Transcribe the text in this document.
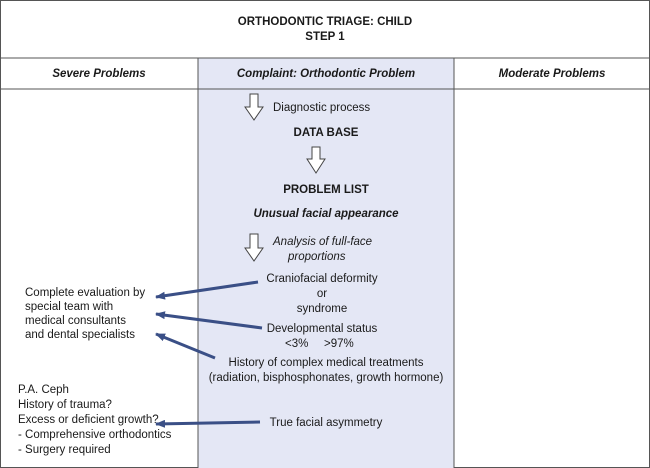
ORTHODONTIC TRIAGE: CHILD
STEP 1
Severe Problems	Complaint: Orthodontic Problem	Moderate Problems
Diagnostic process
DATA BASE
PROBLEM LIST
Unusual facial appearance
Analysis of full-face
proportions
Craniofacial deformity
or
syndrome
Developmental status
<3% >97%
History of complex medical treatments
(radiation, bisphosphonates, growth hormone)
True facial asymmetry
Complete evaluation by
special team with
medical consultants
and dental specialists
P.A. Ceph
History of trauma?
Excess or deficient growth?
- Comprehensive orthodontics
- Surgery required
